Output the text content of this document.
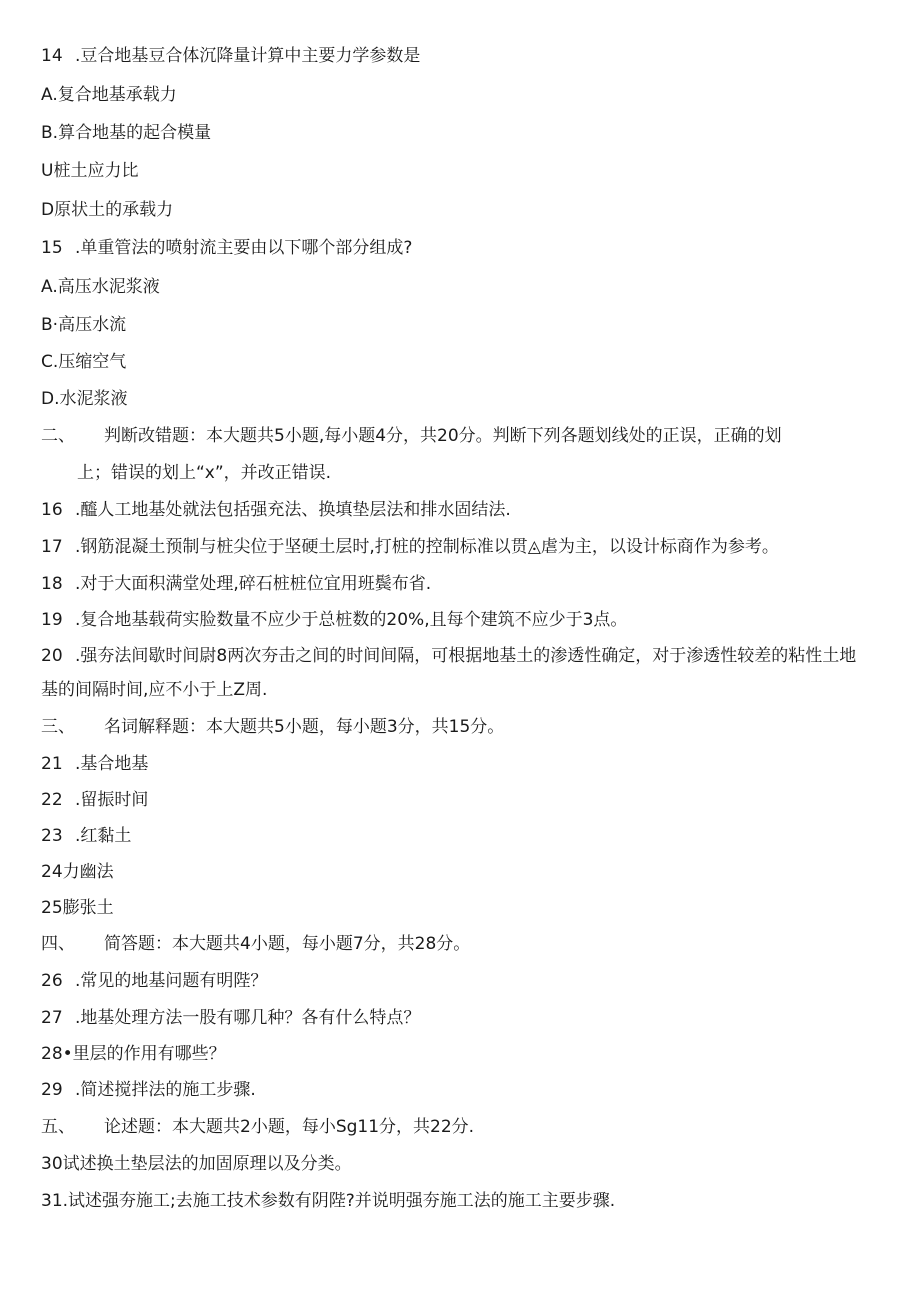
14 .豆合地基豆合体沉降量计算中主要力学参数是
A.复合地基承载力
B.算合地基的起合模量
U桩土应力比
D原状土的承载力
15 .单重管法的喷射流主要由以下哪个部分组成?
A.高压水泥浆液
B·高压水流
C.压缩空气
D.水泥浆液
二、 判断改错题：本大题共5小题,每小题4分，共20分。判断下列各题划线处的正误，正确的划
上；错误的划上“x”，并改正错误.
16 .醯人工地基处就法包括强充法、换填垫层法和排水固结法.
17 .钢筋混凝土预制与桩尖位于坚硬土层时,打桩的控制标准以贯◬虐为主，以设计标商作为参考。
18 .对于大面积满堂处理,碎石桩桩位宜用班鬓布省.
19 .复合地基载荷实脸数量不应少于总桩数的20%,且每个建筑不应少于3点。
20 .强夯法间歇时间尉8两次夯击之间的时间间隔，可根据地基土的渗透性确定，对于渗透性较差的粘性土地
基的间隔时间,应不小于上Z周.
三、 名词解释题：本大题共5小题，每小题3分，共15分。
21 .基合地基
22 .留振时间
23 .红黏土
24力幽法
25膨张土
四、 简答题：本大题共4小题，每小题7分，共28分。
26 .常见的地基问题有明陛？
27 .地基处理方法一股有哪几种？各有什么特点？
28•里层的作用有哪些？
29 .简述搅拌法的施工步骤.
五、 论述题：本大题共2小题，每小Sg11分，共22分.
30试述换土垫层法的加固原理以及分类。
31.试述强夯施工;去施工技术参数有阴陛?并说明强夯施工法的施工主要步骤.
